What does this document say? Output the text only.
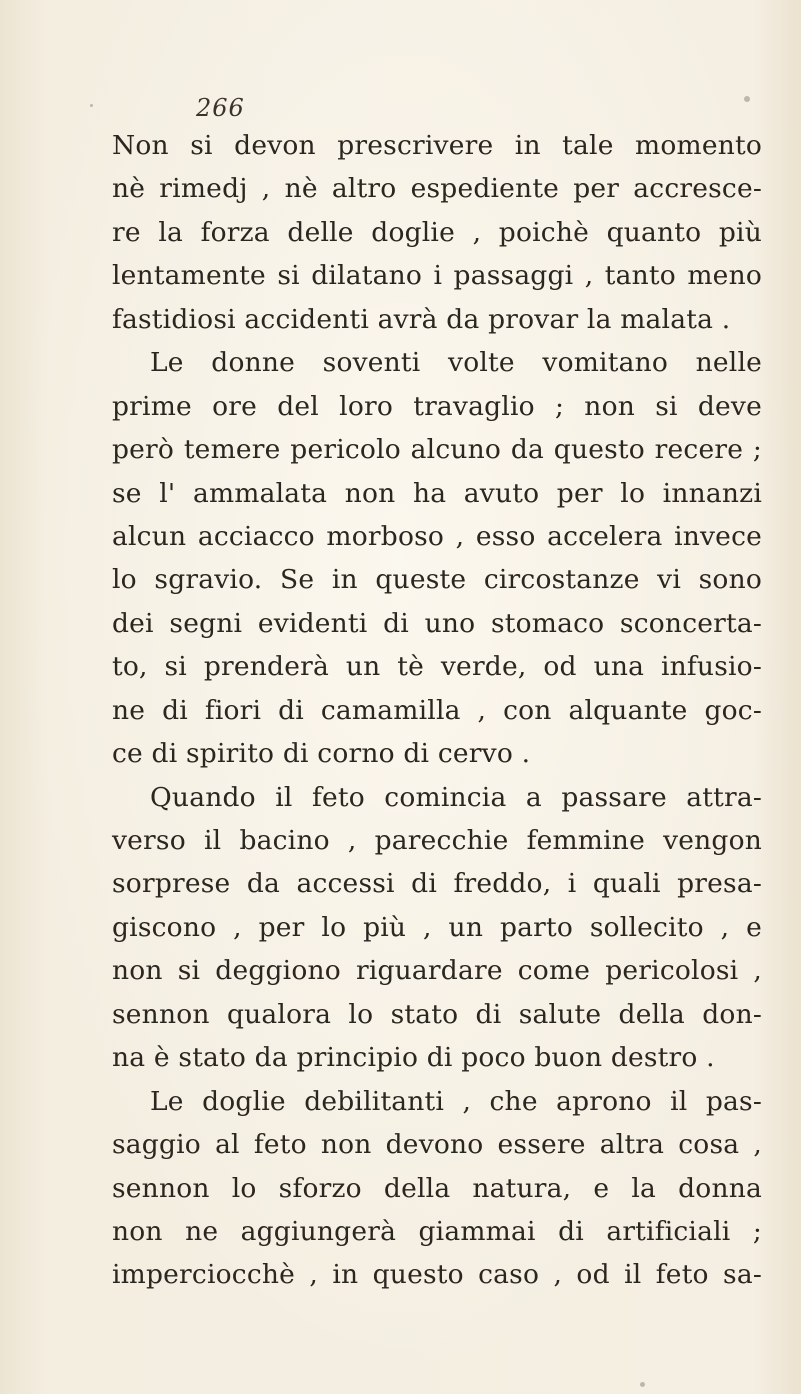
266
Non si devon prescrivere in tale momento
nè rimedj , nè altro espediente per accresce-
re la forza delle doglie , poichè quanto più
lentamente si dilatano i passaggi , tanto meno
fastidiosi accidenti avrà da provar la malata .
Le donne soventi volte vomitano nelle
prime ore del loro travaglio ; non si deve
però temere pericolo alcuno da questo recere ;
se l' ammalata non ha avuto per lo innanzi
alcun acciacco morboso , esso accelera invece
lo sgravio. Se in queste circostanze vi sono
dei segni evidenti di uno stomaco sconcerta-
to, si prenderà un tè verde, od una infusio-
ne di fiori di camamilla , con alquante goc-
ce di spirito di corno di cervo .
Quando il feto comincia a passare attra-
verso il bacino , parecchie femmine vengon
sorprese da accessi di freddo, i quali presa-
giscono , per lo più , un parto sollecito , e
non si deggiono riguardare come pericolosi ,
sennon qualora lo stato di salute della don-
na è stato da principio di poco buon destro .
Le doglie debilitanti , che aprono il pas-
saggio al feto non devono essere altra cosa ,
sennon lo sforzo della natura, e la donna
non ne aggiungerà giammai di artificiali ;
imperciocchè , in questo caso , od il feto sa-
